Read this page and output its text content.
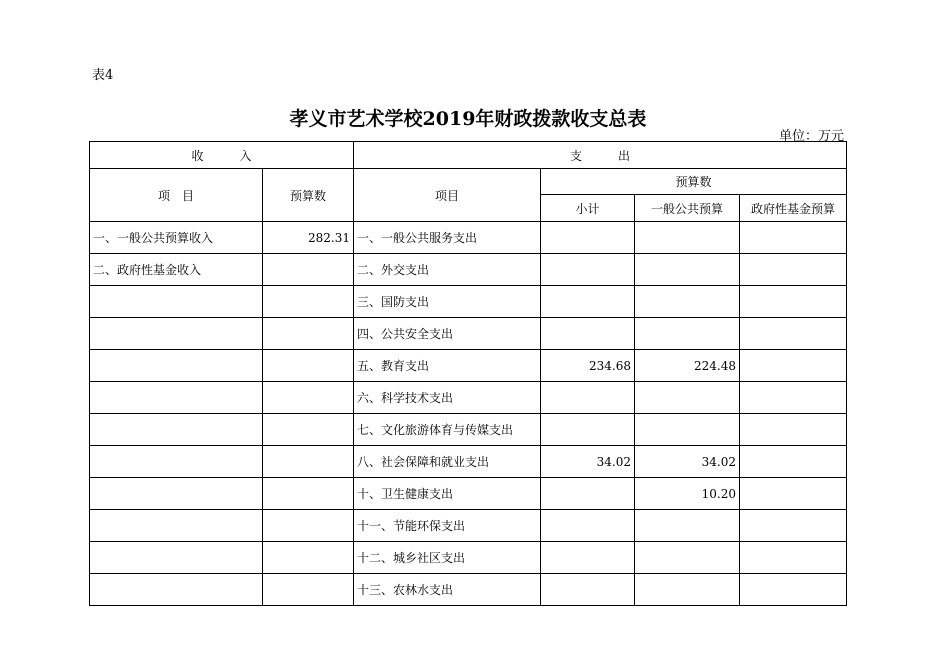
表4
孝义市艺术学校2019年财政拨款收支总表
单位：万元
收　　　入		支　　　出			
项　目	预算数	项目	预算数		
			小计	一般公共预算	政府性基金预算
一、一般公共预算收入	282.31	一、一般公共服务支出			
二、政府性基金收入		二、外交支出			
		三、国防支出			
		四、公共安全支出			
		五、教育支出	234.68	224.48	
		六、科学技术支出			
		七、文化旅游体育与传媒支出			
		八、社会保障和就业支出	34.02	34.02	
		十、卫生健康支出		10.20	
		十一、节能环保支出			
		十二、城乡社区支出			
		十三、农林水支出			
